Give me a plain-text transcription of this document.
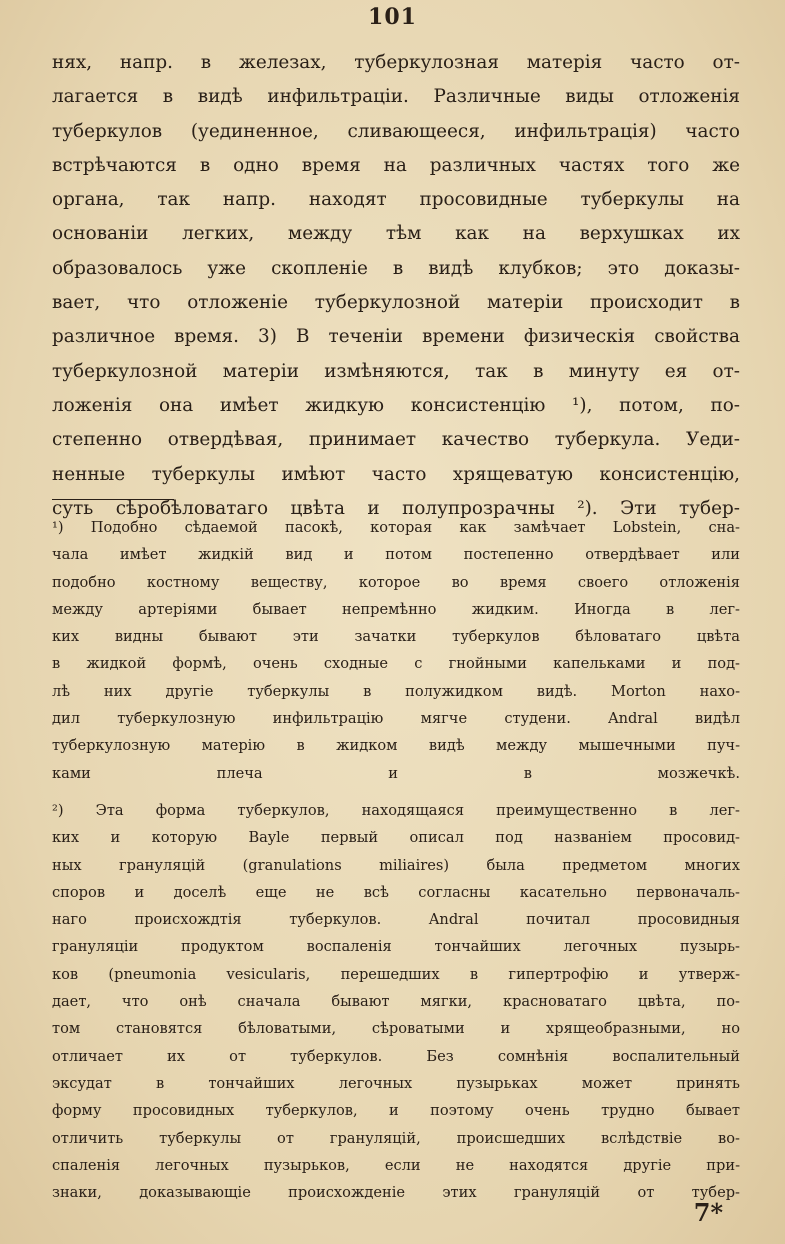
101
нях, напр. в железах, туберкулозная матерія часто от-
лагается в видѣ инфильтрацiи. Различные виды отложенія
туберкулов (уединенное, сливающееся, инфильтрація) часто
встрѣчаются в одно время на различных частях того же
органа, так напр. находят просовидные туберкулы на
основаніи легких, между тѣм как на верхушках их
образовалось уже скопленіе в видѣ клубков; это доказы-
вает, что отложеніе туберкулозной матеріи происходит в
различное время. 3) В теченіи времени физическія свойства
туберкулозной матеріи измѣняются, так в минуту ея от-
ложенія она имѣет жидкую консистенцію ¹), потом, по-
степенно отвердѣвая, принимает качество туберкула. Уеди-
ненные туберкулы имѣют часто хрящеватую консистенцію,
суть сѣробѣловатаго цвѣта и полупрозрачны ²). Эти тубер-
¹) Подобно сѣдаемой пасокѣ, которая как замѣчает Lobstein, сна-
чала имѣет жидкій вид и потом постепенно отвердѣвает или
подобно костному веществу, которое во время своего отложенія
между артеріями бывает непремѣнно жидким. Иногда в лег-
ких видны бывают эти зачатки туберкулов бѣловатаго цвѣта
в жидкой формѣ, очень сходные с гнойными капельками и под-
лѣ них другіе туберкулы в полужидком видѣ. Morton нахо-
дил туберкулозную инфильтрацію мягче студени. Andral видѣл
туберкулозную матерію в жидком видѣ между мышечными пуч-
ками плеча и в мозжечкѣ.
²) Эта форма туберкулов, находящаяся преимущественно в лег-
ких и которую Bayle первый описал под названіем просовид-
ных грануляцій (granulations miliaires) была предметом многих
споров и доселѣ еще не всѣ согласны касательно первоначаль-
наго происхождтія туберкулов. Andral почитал просовидныя
грануляціи продуктом воспаленія тончайших легочных пузырь-
ков (pneumonia vesicularis, перешедших в гипертрофію и утверж-
дает, что онѣ сначала бывают мягки, красноватаго цвѣта, по-
том становятся бѣловатыми, сѣроватыми и хрящеобразными, но
отличает их от туберкулов. Без сомнѣнія воспалительный
эксудат в тончайших легочных пузырьках может принять
форму просовидных туберкулов, и поэтому очень трудно бывает
отличить туберкулы от грануляцій, происшедших вслѣдствіе во-
спаленія легочных пузырьков, если не находятся другіе при-
знаки, доказывающіе происхожденіе этих грануляцій от тубер-
7*
